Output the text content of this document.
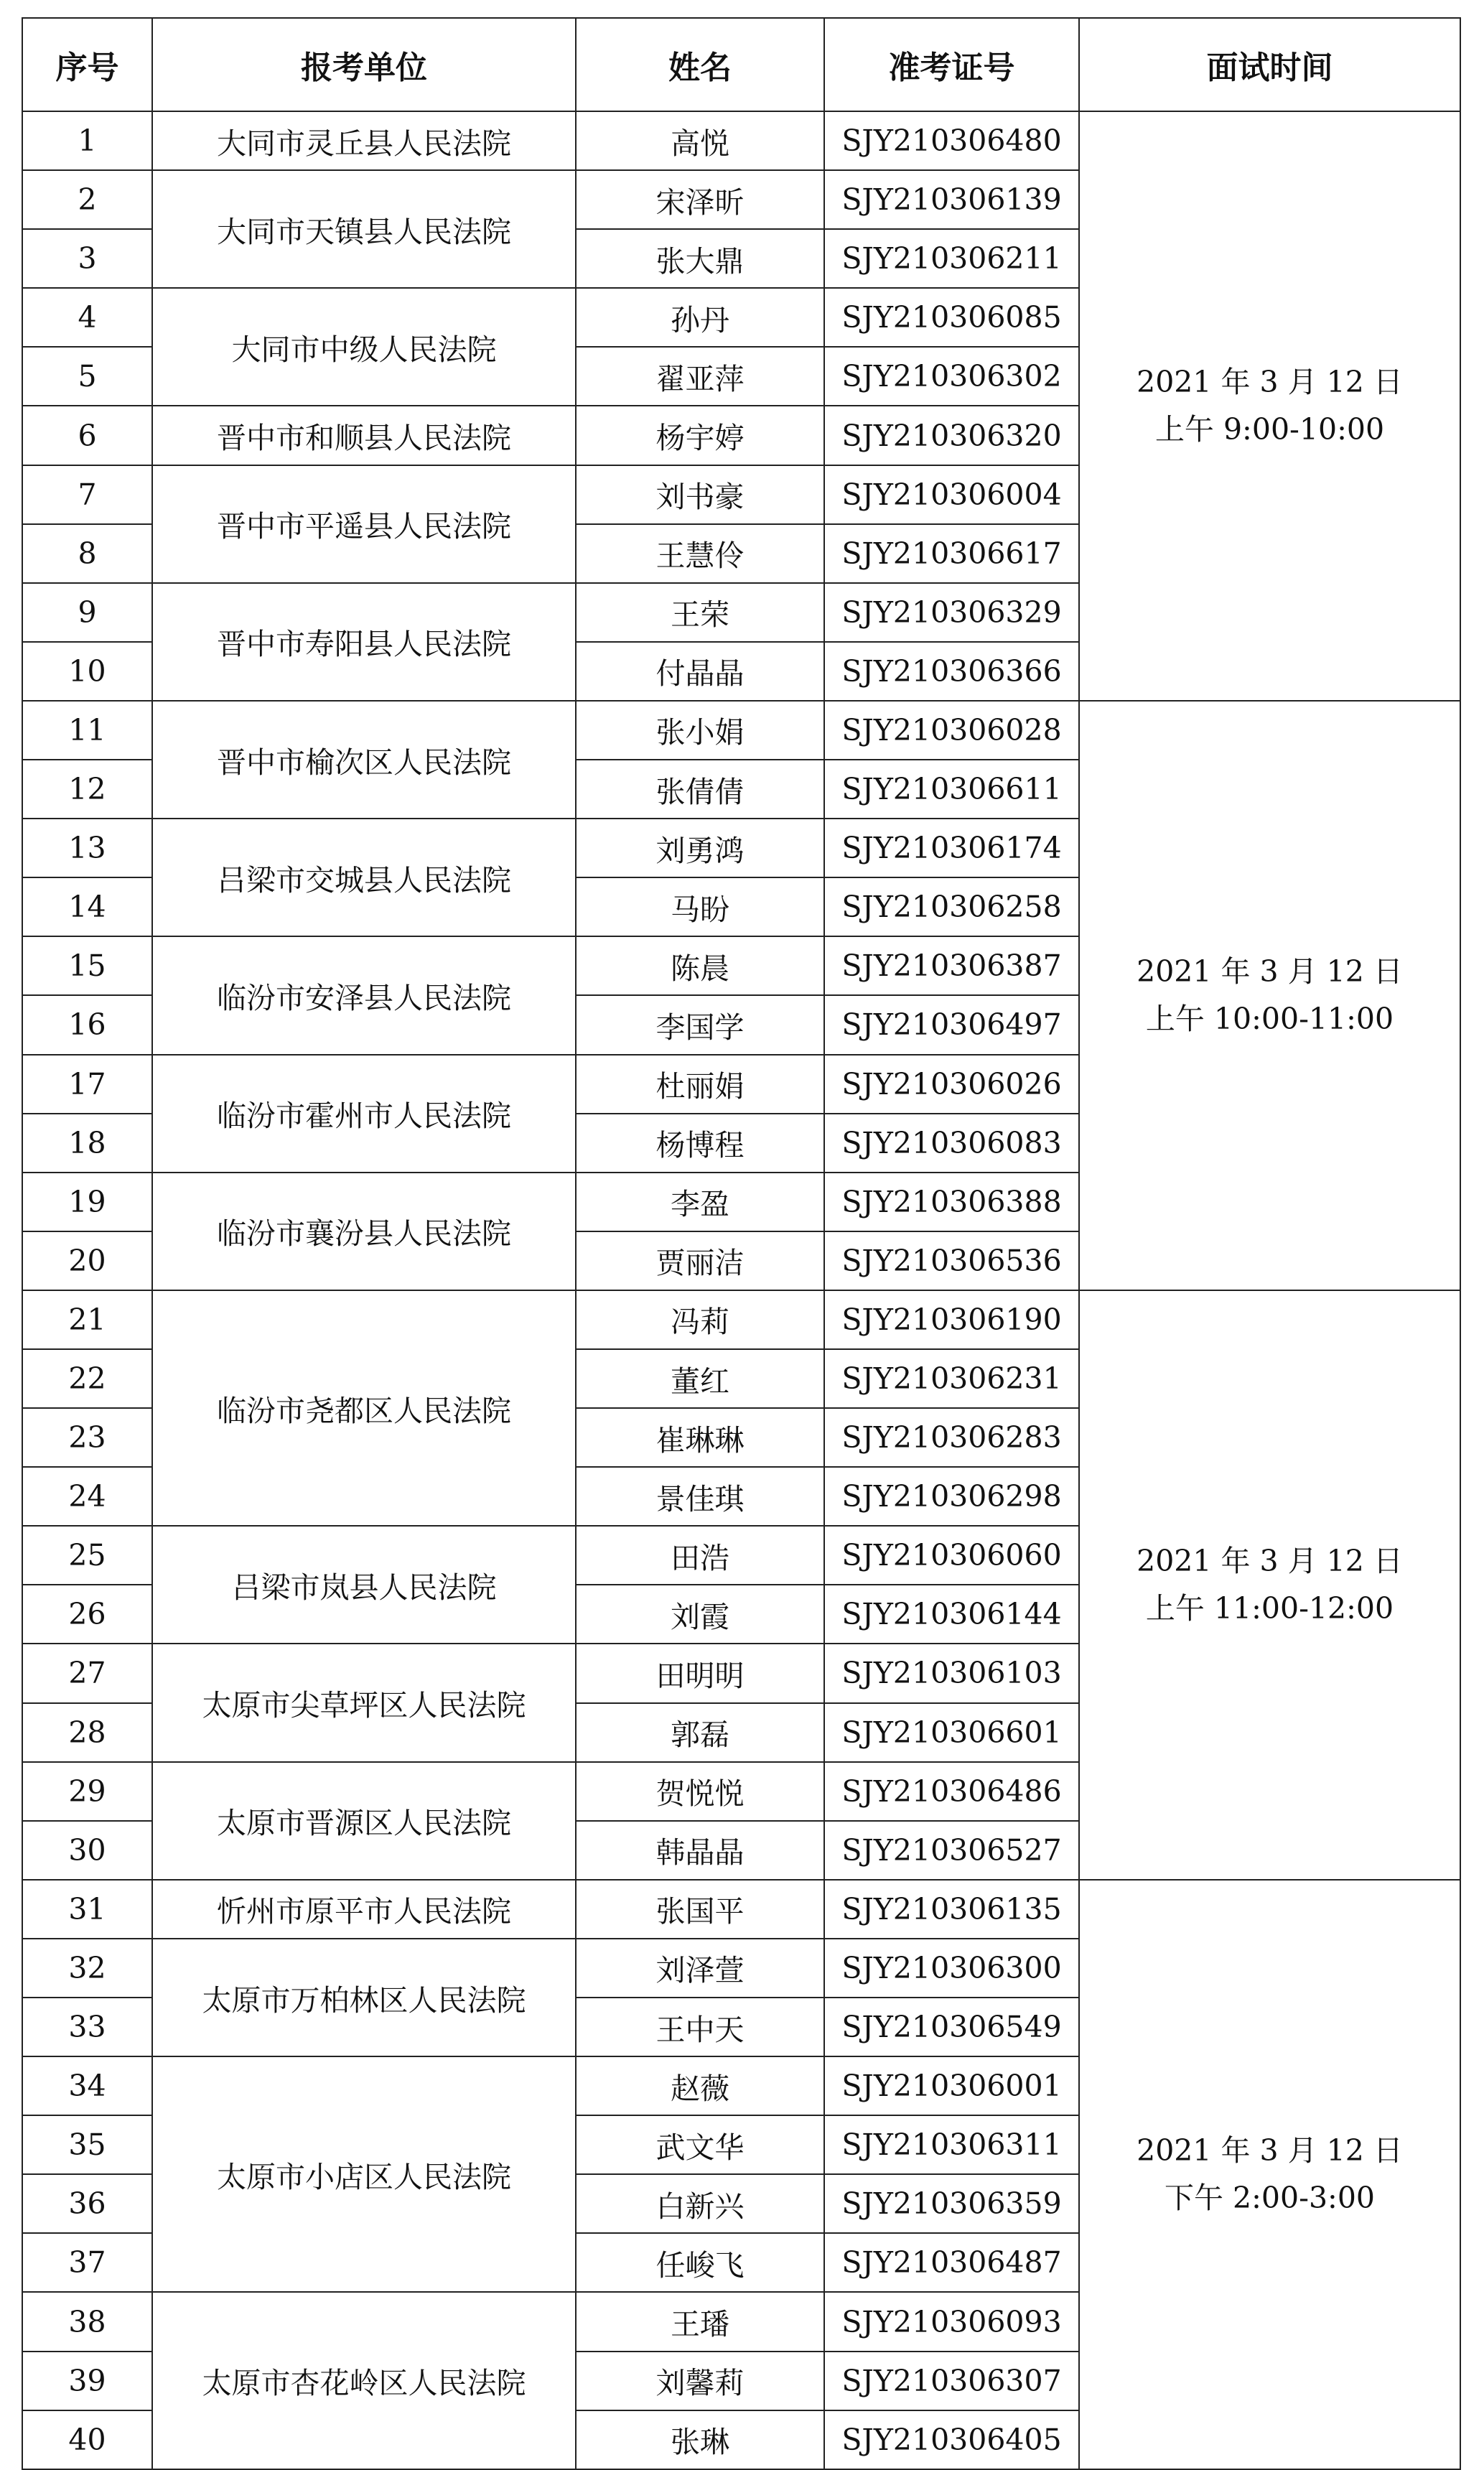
序号	报考单位	姓名	准考证号	面试时间
1	大同市灵丘县人民法院	高悦	SJY210306480	2021 年 3 月 12 日
上午 9:00-10:00

2	大同市天镇县人民法院	宋泽昕	SJY210306139	
3		张大鼎	SJY210306211	
4	大同市中级人民法院	孙丹	SJY210306085	
5		翟亚萍	SJY210306302	
6	晋中市和顺县人民法院	杨宇婷	SJY210306320	
7	晋中市平遥县人民法院	刘书豪	SJY210306004	
8		王慧伶	SJY210306617	
9	晋中市寿阳县人民法院	王荣	SJY210306329	
10		付晶晶	SJY210306366	
11	晋中市榆次区人民法院	张小娟	SJY210306028	2021 年 3 月 12 日
上午 10:00-11:00

12		张倩倩	SJY210306611	
13	吕梁市交城县人民法院	刘勇鸿	SJY210306174	
14		马盼	SJY210306258	
15	临汾市安泽县人民法院	陈晨	SJY210306387	
16		李国学	SJY210306497	
17	临汾市霍州市人民法院	杜丽娟	SJY210306026	
18		杨博程	SJY210306083	
19	临汾市襄汾县人民法院	李盈	SJY210306388	
20		贾丽洁	SJY210306536	
21	临汾市尧都区人民法院	冯莉	SJY210306190	2021 年 3 月 12 日
上午 11:00-12:00

22		董红	SJY210306231	
23		崔琳琳	SJY210306283	
24		景佳琪	SJY210306298	
25	吕梁市岚县人民法院	田浩	SJY210306060	
26		刘霞	SJY210306144	
27	太原市尖草坪区人民法院	田明明	SJY210306103	
28		郭磊	SJY210306601	
29	太原市晋源区人民法院	贺悦悦	SJY210306486	
30		韩晶晶	SJY210306527	
31	忻州市原平市人民法院	张国平	SJY210306135	2021 年 3 月 12 日
下午 2:00-3:00

32	太原市万柏林区人民法院	刘泽萱	SJY210306300	
33		王中天	SJY210306549	
34	太原市小店区人民法院	赵薇	SJY210306001	
35		武文华	SJY210306311	
36		白新兴	SJY210306359	
37		任峻飞	SJY210306487	
38	太原市杏花岭区人民法院	王璠	SJY210306093	
39		刘馨莉	SJY210306307	
40		张琳	SJY210306405	
